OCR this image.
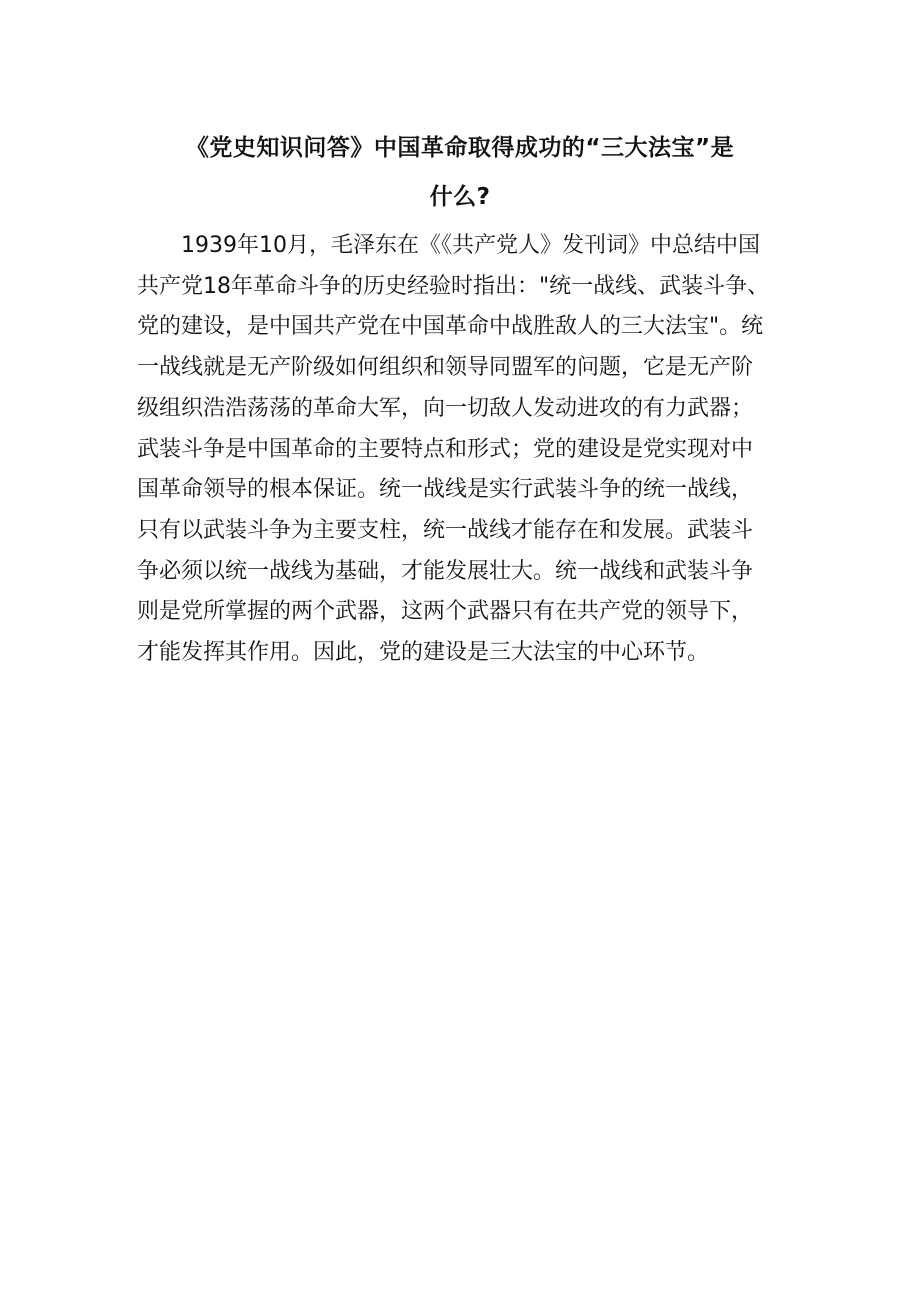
《党史知识问答》中国革命取得成功的“三大法宝”是
什么?
1939年10月，毛泽东在《《共产党人》发刊词》中总结中国
共产党18年革命斗争的历史经验时指出："统一战线、武装斗争、
党的建设，是中国共产党在中国革命中战胜敌人的三大法宝"。统
一战线就是无产阶级如何组织和领导同盟军的问题，它是无产阶
级组织浩浩荡荡的革命大军，向一切敌人发动进攻的有力武器；
武装斗争是中国革命的主要特点和形式；党的建设是党实现对中
国革命领导的根本保证。统一战线是实行武装斗争的统一战线，
只有以武装斗争为主要支柱，统一战线才能存在和发展。武装斗
争必须以统一战线为基础，才能发展壮大。统一战线和武装斗争
则是党所掌握的两个武器，这两个武器只有在共产党的领导下，
才能发挥其作用。因此，党的建设是三大法宝的中心环节。
